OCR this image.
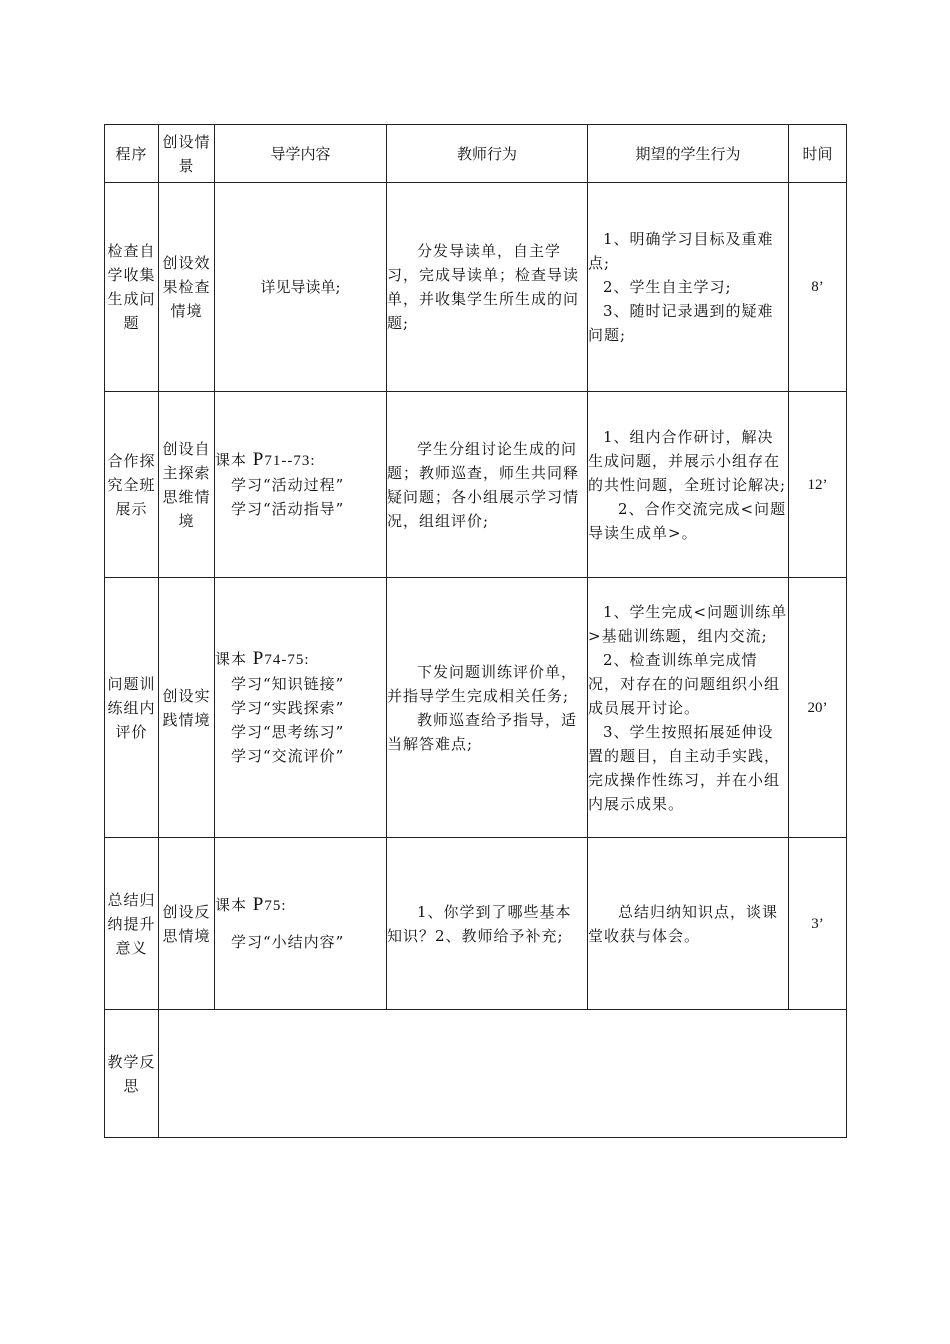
程序	创设情景	导学内容	教师行为	期望的学生行为	时间
检查自学收集生成问题	创设效果检查情境	详见导读单;	分发导读单，自主学习，完成导读单；检查导读单，并收集学生所生成的问题;	1、明确学习目标及重难点;
2、学生自主学习;
3、随时记录遇到的疑难问题;	8’
合作探究全班展示	创设自主探索思维情境	课本 P71--73:
学习“活动过程”
学习“活动指导”	学生分组讨论生成的问题；教师巡查，师生共同释疑问题；各小组展示学习情况，组组评价;	1、组内合作研讨，解决生成问题，并展示小组存在的共性问题，全班讨论解决;
2、合作交流完成<问题导读生成单>。	12’
问题训练组内评价	创设实践情境	课本 P74-75:
学习“知识链接”
学习“实践探索”
学习“思考练习”
学习“交流评价”	下发问题训练评价单，并指导学生完成相关任务;
教师巡查给予指导，适当解答难点;	1、学生完成<问题训练单>基础训练题，组内交流;
2、检查训练单完成情况，对存在的问题组织小组成员展开讨论。
3、学生按照拓展延伸设置的题目，自主动手实践，完成操作性练习，并在小组内展示成果。	20’
总结归纳提升意义	创设反思情境	课本 P75:
学习“小结内容”	1、你学到了哪些基本知识？2、教师给予补充;	总结归纳知识点，谈课堂收获与体会。	3’
教学反思					
